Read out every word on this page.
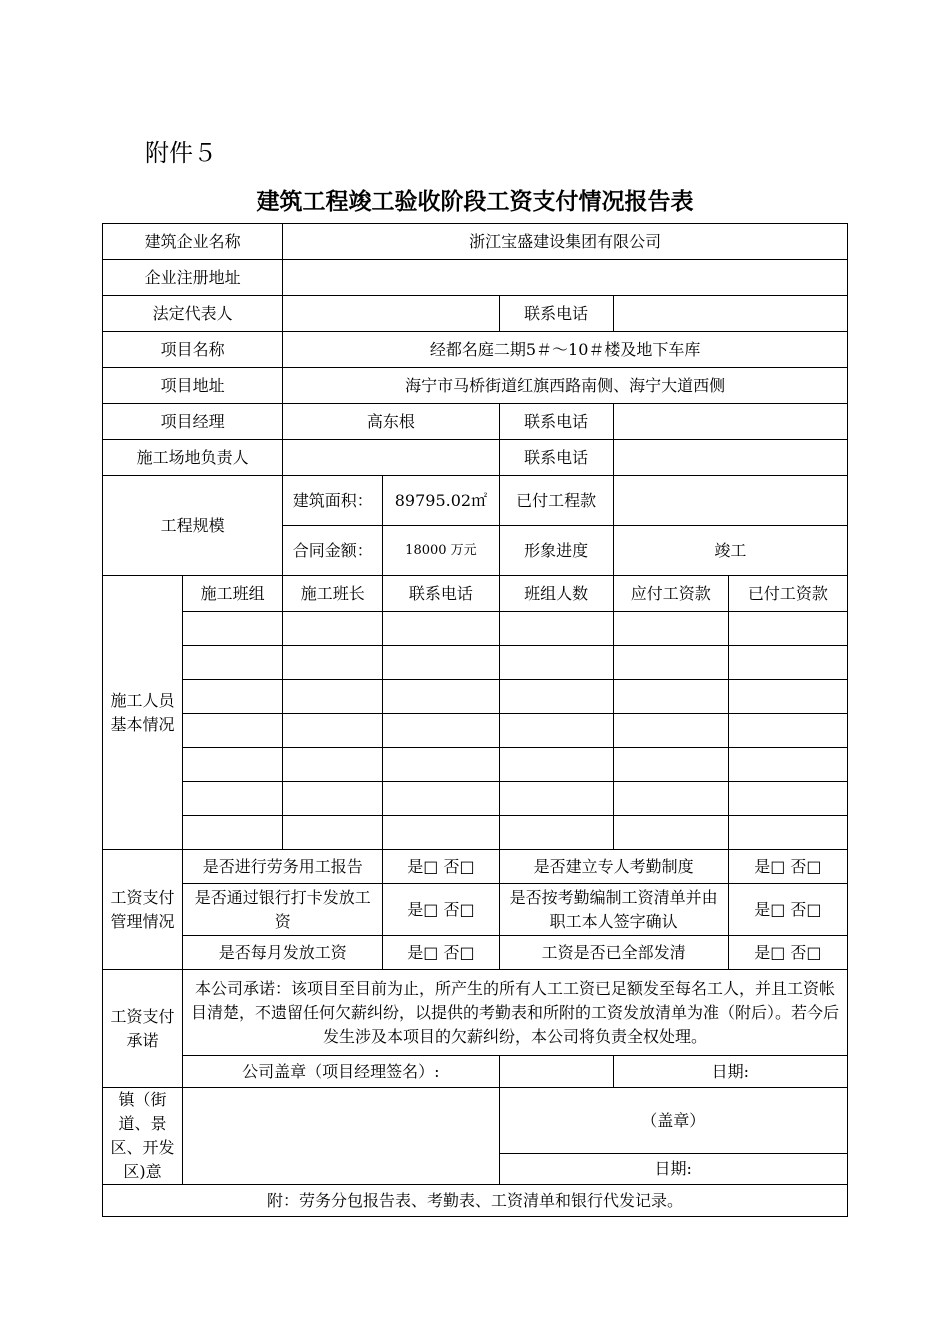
附件５
建筑工程竣工验收阶段工资支付情况报告表
建筑企业名称		浙江宝盛建设集团有限公司				
企业注册地址						
法定代表人				联系电话		
项目名称		经都名庭二期5＃～10＃楼及地下车库				
项目地址		海宁市马桥街道红旗西路南侧、海宁大道西侧				
项目经理		高东根		联系电话		
施工场地负责人				联系电话		
工程规模		建筑面积：	89795.02㎡	已付工程款		
		合同金额：	18000 万元	形象进度	竣工	
施工人员基本情况	施工班组	施工班长	联系电话	班组人数	应付工资款	已付工资款

工资支付管理情况	是否进行劳务用工报告		是□ 否□	是否建立专人考勤制度		是□ 否□
	是否通过银行打卡发放工资		是□ 否□	是否按考勤编制工资清单并由职工本人签字确认		是□ 否□
	是否每月发放工资		是□ 否□	工资是否已全部发清		是□ 否□
工资支付承诺	本公司承诺：该项目至目前为止，所产生的所有人工工资已足额发至每名工人，并且工资帐目清楚，不遗留任何欠薪纠纷，以提供的考勤表和所附的工资发放清单为准（附后）。若今后发生涉及本项目的欠薪纠纷，本公司将负责全权处理。					
	公司盖章（项目经理签名）:				日期:	
镇（街道、景区、开发区)意				（盖章）		
				日期:		
附：劳务分包报告表、考勤表、工资清单和银行代发记录。						
